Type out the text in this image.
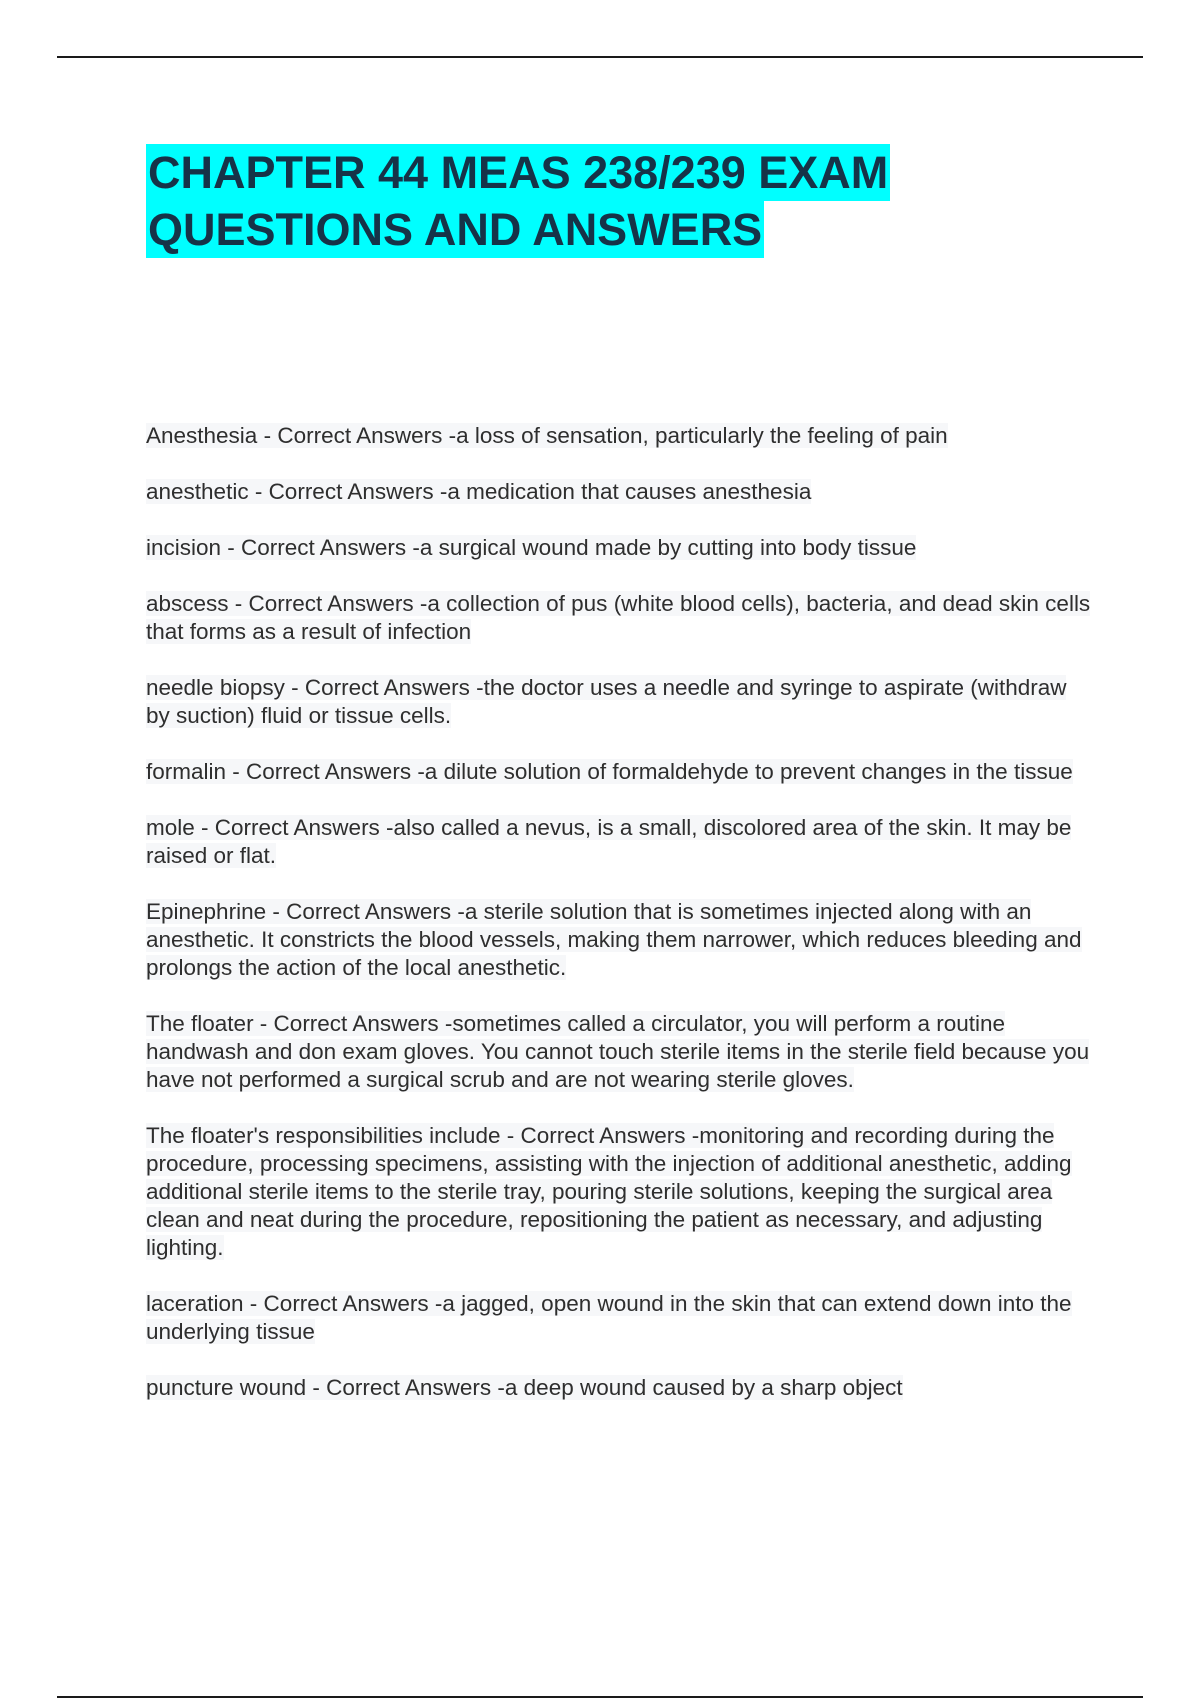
CHAPTER 44 MEAS 238/239 EXAM
QUESTIONS AND ANSWERS

Anesthesia - Correct Answers -a loss of sensation, particularly the feeling of pain

anesthetic - Correct Answers -a medication that causes anesthesia

incision - Correct Answers -a surgical wound made by cutting into body tissue

abscess - Correct Answers -a collection of pus (white blood cells), bacteria, and dead skin cells that forms as a result of infection

needle biopsy - Correct Answers -the doctor uses a needle and syringe to aspirate (withdraw by suction) fluid or tissue cells.

formalin - Correct Answers -a dilute solution of formaldehyde to prevent changes in the tissue

mole - Correct Answers -also called a nevus, is a small, discolored area of the skin. It may be raised or flat.

Epinephrine - Correct Answers -a sterile solution that is sometimes injected along with an anesthetic. It constricts the blood vessels, making them narrower, which reduces bleeding and prolongs the action of the local anesthetic.

The floater - Correct Answers -sometimes called a circulator, you will perform a routine handwash and don exam gloves. You cannot touch sterile items in the sterile field because you have not performed a surgical scrub and are not wearing sterile gloves.

The floater's responsibilities include - Correct Answers -monitoring and recording during the procedure, processing specimens, assisting with the injection of additional anesthetic, adding additional sterile items to the sterile tray, pouring sterile solutions, keeping the surgical area clean and neat during the procedure, repositioning the patient as necessary, and adjusting lighting.

laceration - Correct Answers -a jagged, open wound in the skin that can extend down into the underlying tissue

puncture wound - Correct Answers -a deep wound caused by a sharp object
